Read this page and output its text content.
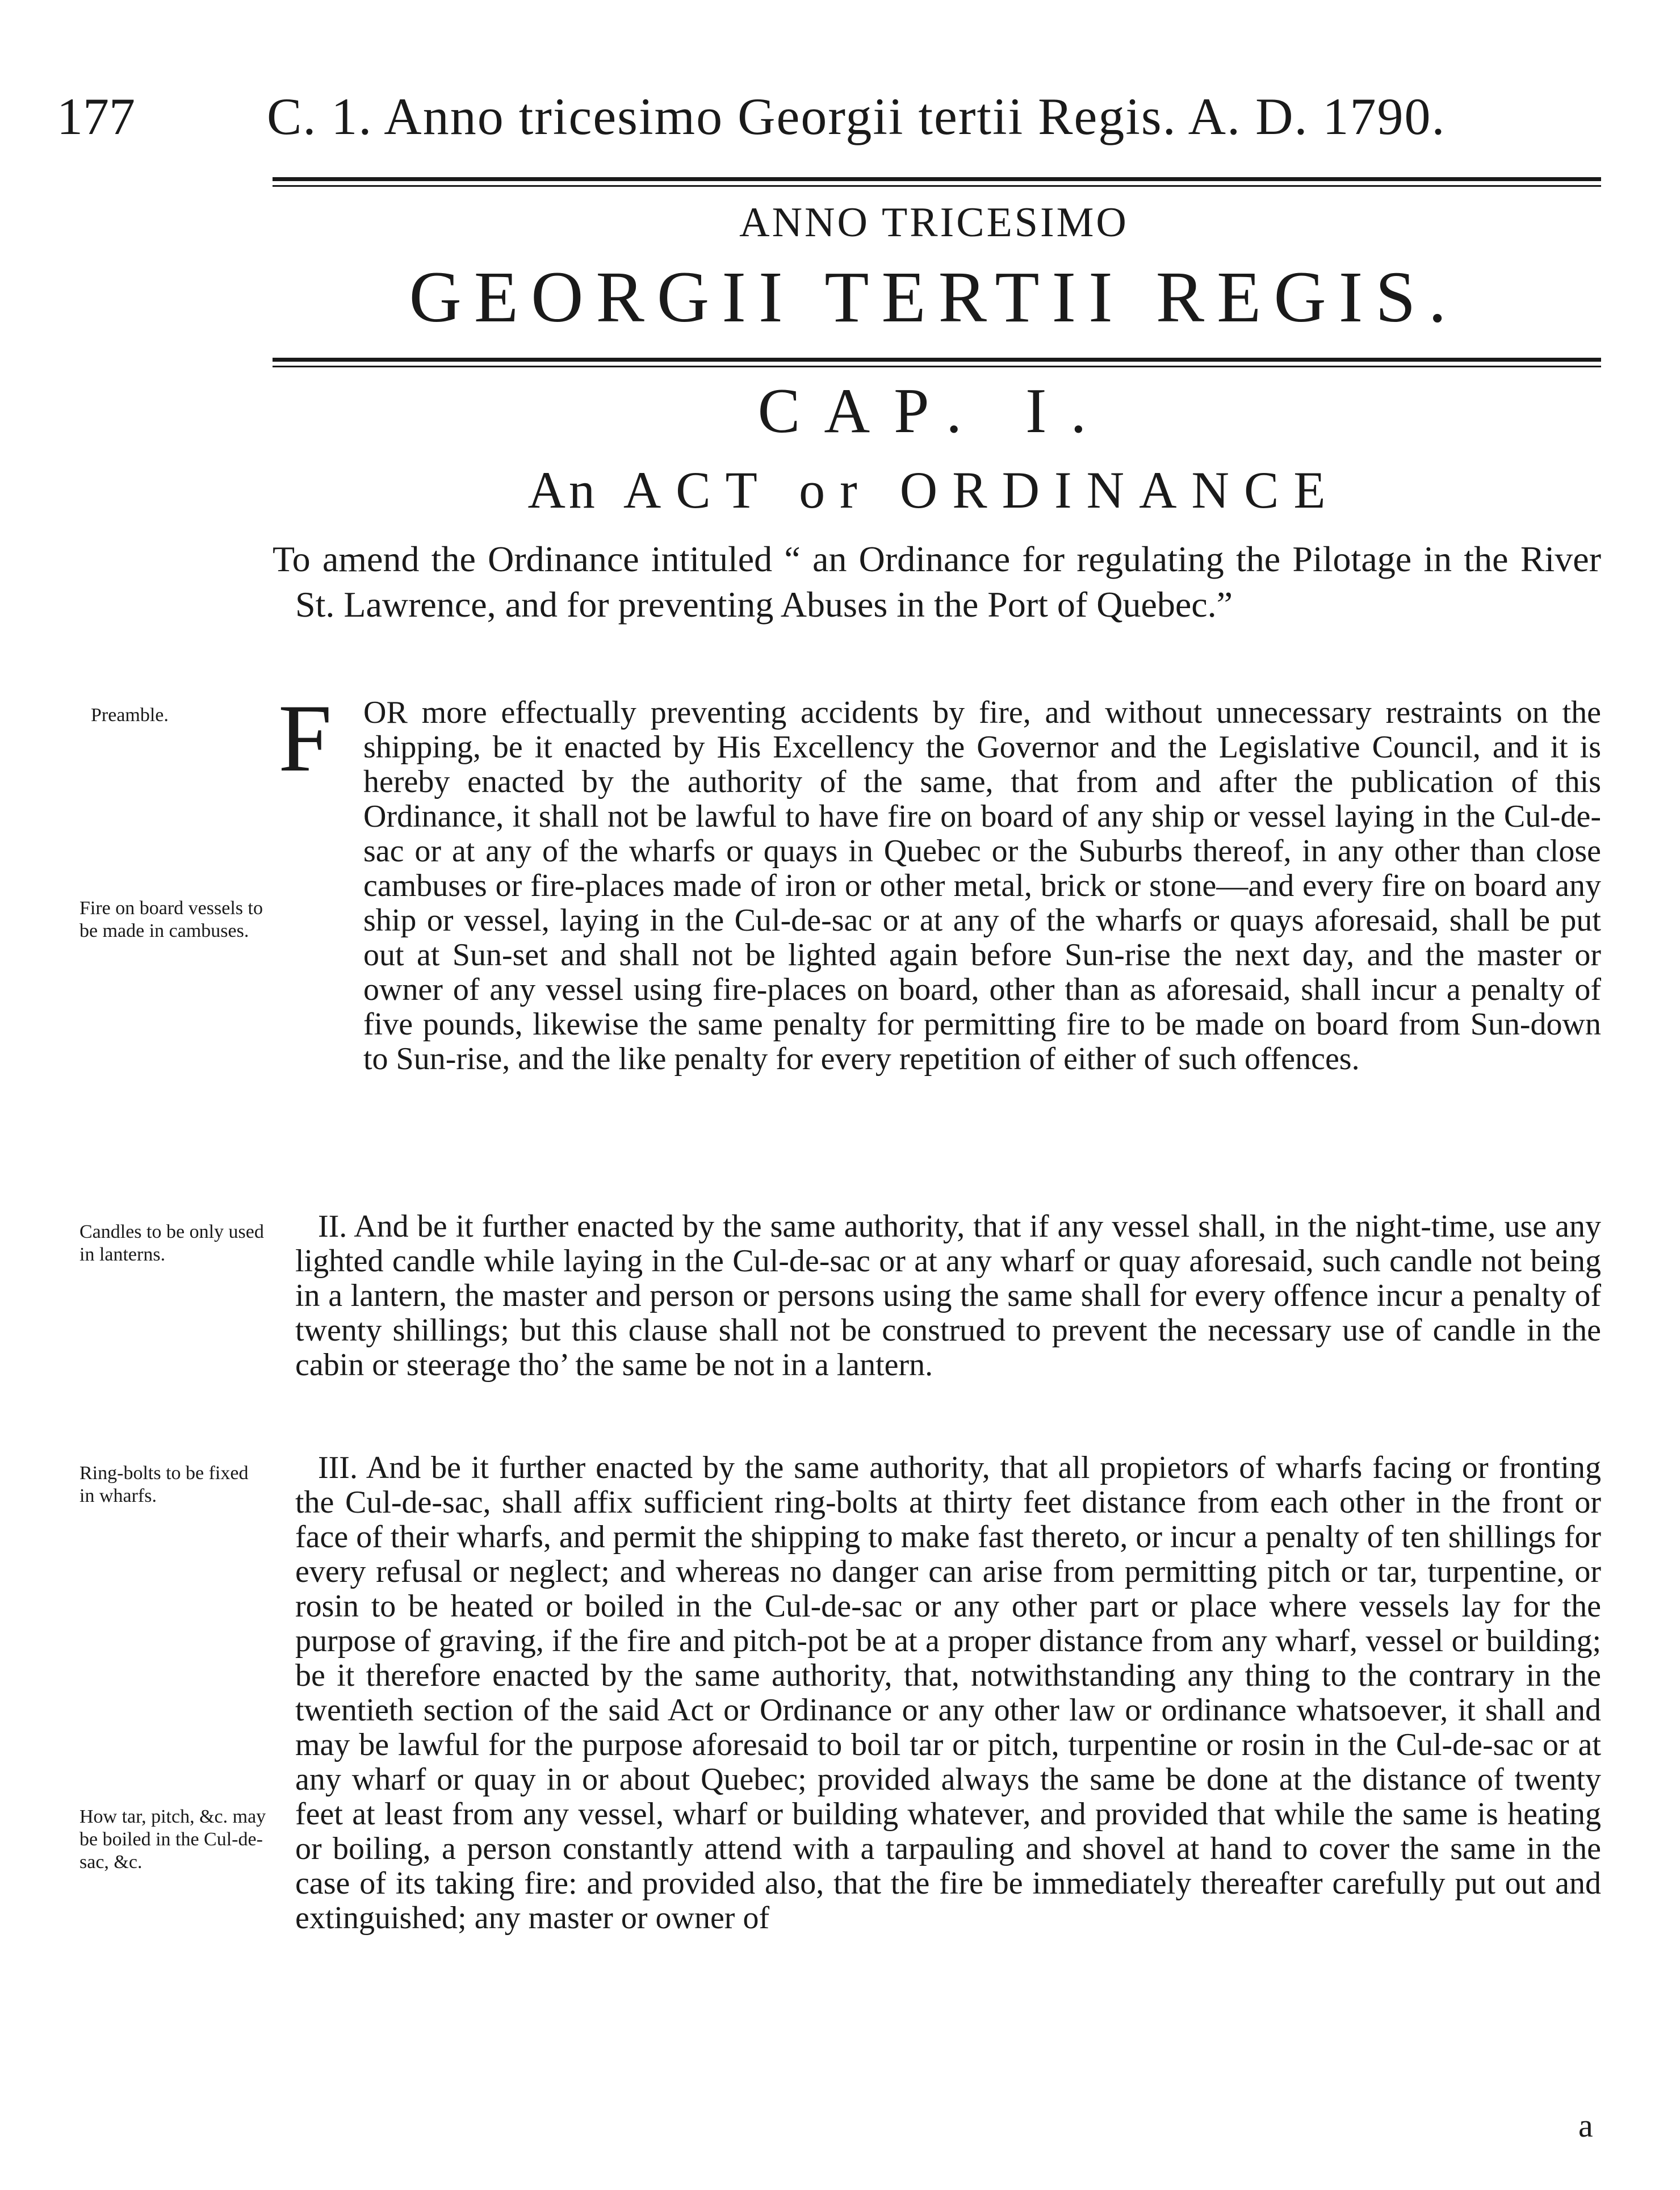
177	C. 1. Anno tricesimo Georgii tertii Regis. A. D. 1790.
ANNO TRICESIMO
GEORGII TERTII REGIS.
CAP. I.
An ACT or ORDINANCE
To amend the Ordinance intituled “ an Ordinance for regulating the Pilotage in the River St. Lawrence, and for preventing Abuses in the Port of Quebec.”
Preamble.
Fire on board vessels to be made in cambuses.
Candles to be only used in lanterns.
Ring-bolts to be fixed in wharfs.
How tar, pitch, &c. may be boiled in the Cul-de-sac, &c.
F OR more effectually preventing accidents by fire, and without unnecessary restraints on the shipping, be it enacted by His Excellency the Governor and the Legislative Council, and it is hereby enacted by the authority of the same, that from and after the publication of this Ordinance, it shall not be lawful to have fire on board of any ship or vessel laying in the Cul-de-sac or at any of the wharfs or quays in Quebec or the Suburbs thereof, in any other than close cambuses or fire-places made of iron or other metal, brick or stone—and every fire on board any ship or vessel, laying in the Cul-de-sac or at any of the wharfs or quays aforesaid, shall be put out at Sun-set and shall not be lighted again before Sun-rise the next day, and the master or owner of any vessel using fire-places on board, other than as aforesaid, shall incur a penalty of five pounds, likewise the same penalty for permitting fire to be made on board from Sun-down to Sun-rise, and the like penalty for every repetition of either of such offences.
II. And be it further enacted by the same authority, that if any vessel shall, in the night-time, use any lighted candle while laying in the Cul-de-sac or at any wharf or quay aforesaid, such candle not being in a lantern, the master and person or persons using the same shall for every offence incur a penalty of twenty shillings; but this clause shall not be construed to prevent the necessary use of candle in the cabin or steerage tho’ the same be not in a lantern.
III. And be it further enacted by the same authority, that all propietors of wharfs facing or fronting the Cul-de-sac, shall affix sufficient ring-bolts at thirty feet distance from each other in the front or face of their wharfs, and permit the shipping to make fast thereto, or incur a penalty of ten shillings for every refusal or neglect; and whereas no danger can arise from permitting pitch or tar, turpentine, or rosin to be heated or boiled in the Cul-de-sac or any other part or place where vessels lay for the purpose of graving, if the fire and pitch-pot be at a proper distance from any wharf, vessel or building; be it therefore enacted by the same authority, that, notwithstanding any thing to the contrary in the twentieth section of the said Act or Ordinance or any other law or ordinance whatsoever, it shall and may be lawful for the purpose aforesaid to boil tar or pitch, turpentine or rosin in the Cul-de-sac or at any wharf or quay in or about Quebec; provided always the same be done at the distance of twenty feet at least from any vessel, wharf or building whatever, and provided that while the same is heating or boiling, a person constantly attend with a tarpauling and shovel at hand to cover the same in the case of its taking fire: and provided also, that the fire be immediately thereafter carefully put out and extinguished; any master or owner of
a
